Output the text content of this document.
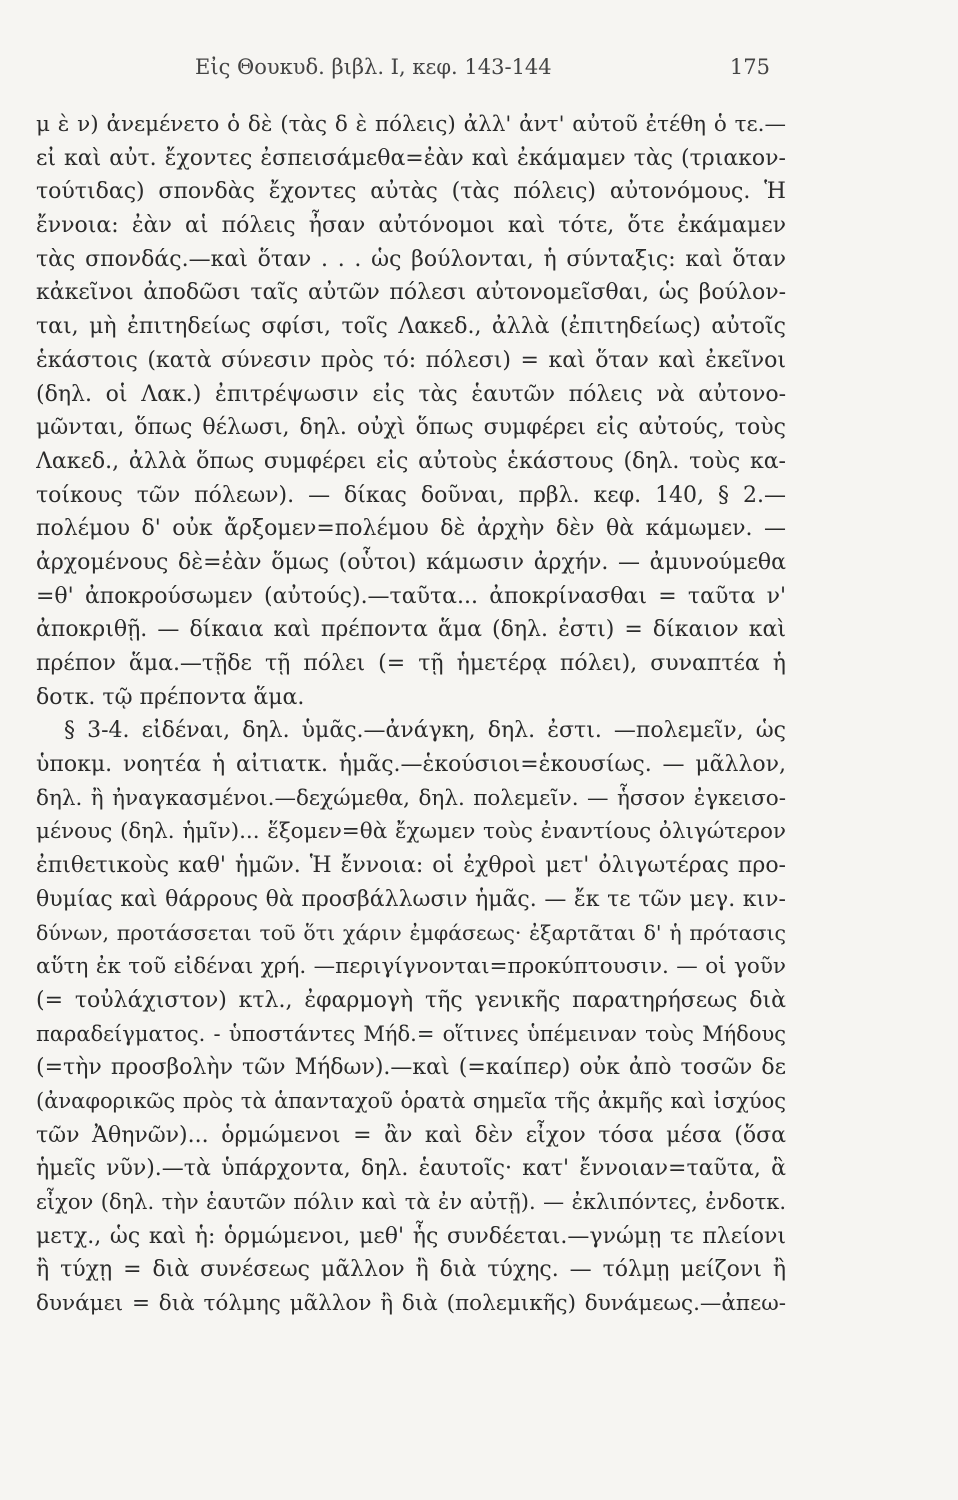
Εἰς Θουκυδ. βιβλ. Ι, κεφ. 143-144	175
μ ὲ ν) ἀνεμένετο ὁ δὲ (τὰς δ ὲ πόλεις) ἀλλ' ἀντ' αὐτοῦ ἐτέθη ὁ τε.—
εἰ καὶ αὐτ. ἔχοντες ἐσπεισάμεθα=ἐὰν καὶ ἐκάμαμεν τὰς (τριακον-
τούτιδας) σπονδὰς ἔχοντες αὐτὰς (τὰς πόλεις) αὐτονόμους. Ἡ
ἔννοια: ἐὰν αἱ πόλεις ἦσαν αὐτόνομοι καὶ τότε, ὅτε ἐκάμαμεν
τὰς σπονδάς.—καὶ ὅταν . . . ὡς βούλονται, ἡ σύνταξις: καὶ ὅταν
κἀκεῖνοι ἀποδῶσι ταῖς αὐτῶν πόλεσι αὐτονομεῖσθαι, ὡς βούλον-
ται, μὴ ἐπιτηδείως σφίσι, τοῖς Λακεδ., ἀλλὰ (ἐπιτηδείως) αὐτοῖς
ἑκάστοις (κατὰ σύνεσιν πρὸς τό: πόλεσι) = καὶ ὅταν καὶ ἐκεῖνοι
(δηλ. οἱ Λακ.) ἐπιτρέψωσιν εἰς τὰς ἑαυτῶν πόλεις νὰ αὐτονο-
μῶνται, ὅπως θέλωσι, δηλ. οὐχὶ ὅπως συμφέρει εἰς αὐτούς, τοὺς
Λακεδ., ἀλλὰ ὅπως συμφέρει εἰς αὐτοὺς ἑκάστους (δηλ. τοὺς κα-
τοίκους τῶν πόλεων). — δίκας δοῦναι, πρβλ. κεφ. 140, § 2.—
πολέμου δ' οὐκ ἄρξομεν=πολέμου δὲ ἀρχὴν δὲν θὰ κάμωμεν. —
ἀρχομένους δὲ=ἐὰν ὅμως (οὗτοι) κάμωσιν ἀρχήν. — ἀμυνούμεθα
=θ' ἀποκρούσωμεν (αὐτούς).—ταῦτα... ἀποκρίνασθαι = ταῦτα ν'
ἀποκριθῇ. — δίκαια καὶ πρέποντα ἅμα (δηλ. ἐστι) = δίκαιον καὶ
πρέπον ἅμα.—τῇδε τῇ πόλει (= τῇ ἡμετέρᾳ πόλει), συναπτέα ἡ
δοτκ. τῷ πρέποντα ἅμα.
§ 3-4. εἰδέναι, δηλ. ὑμᾶς.—ἀνάγκη, δηλ. ἐστι. —πολεμεῖν, ὡς
ὑποκμ. νοητέα ἡ αἰτιατκ. ἡμᾶς.—ἑκούσιοι=ἑκουσίως. — μᾶλλον,
δηλ. ἢ ἠναγκασμένοι.—δεχώμεθα, δηλ. πολεμεῖν. — ἧσσον ἐγκεισο-
μένους (δηλ. ἡμῖν)... ἕξομεν=θὰ ἔχωμεν τοὺς ἐναντίους ὀλιγώτερον
ἐπιθετικοὺς καθ' ἡμῶν. Ἡ ἔννοια: οἱ ἐχθροὶ μετ' ὀλιγωτέρας προ-
θυμίας καὶ θάρρους θὰ προσβάλλωσιν ἡμᾶς. — ἔκ τε τῶν μεγ. κιν-
δύνων, προτάσσεται τοῦ ὅτι χάριν ἐμφάσεως· ἐξαρτᾶται δ' ἡ πρότασις
αὕτη ἐκ τοῦ εἰδέναι χρή. —περιγίγνονται=προκύπτουσιν. — οἱ γοῦν
(= τοὐλάχιστον) κτλ., ἐφαρμογὴ τῆς γενικῆς παρατηρήσεως διὰ
παραδείγματος. - ὑποστάντες Μήδ.= οἵτινες ὑπέμειναν τοὺς Μήδους
(=τὴν προσβολὴν τῶν Μήδων).—καὶ (=καίπερ) οὐκ ἀπὸ τοσῶν δε
(ἀναφορικῶς πρὸς τὰ ἁπανταχοῦ ὁρατὰ σημεῖα τῆς ἀκμῆς καὶ ἰσχύος
τῶν Ἀθηνῶν)... ὁρμώμενοι = ἂν καὶ δὲν εἶχον τόσα μέσα (ὅσα
ἡμεῖς νῦν).—τὰ ὑπάρχοντα, δηλ. ἑαυτοῖς· κατ' ἔννοιαν=ταῦτα, ἃ
εἶχον (δηλ. τὴν ἑαυτῶν πόλιν καὶ τὰ ἐν αὐτῇ). — ἐκλιπόντες, ἐνδοτκ.
μετχ., ὡς καὶ ἡ: ὁρμώμενοι, μεθ' ἧς συνδέεται.—γνώμῃ τε πλείονι
ἢ τύχῃ = διὰ συνέσεως μᾶλλον ἢ διὰ τύχης. — τόλμῃ μείζονι ἢ
δυνάμει = διὰ τόλμης μᾶλλον ἢ διὰ (πολεμικῆς) δυνάμεως.—ἀπεω-
